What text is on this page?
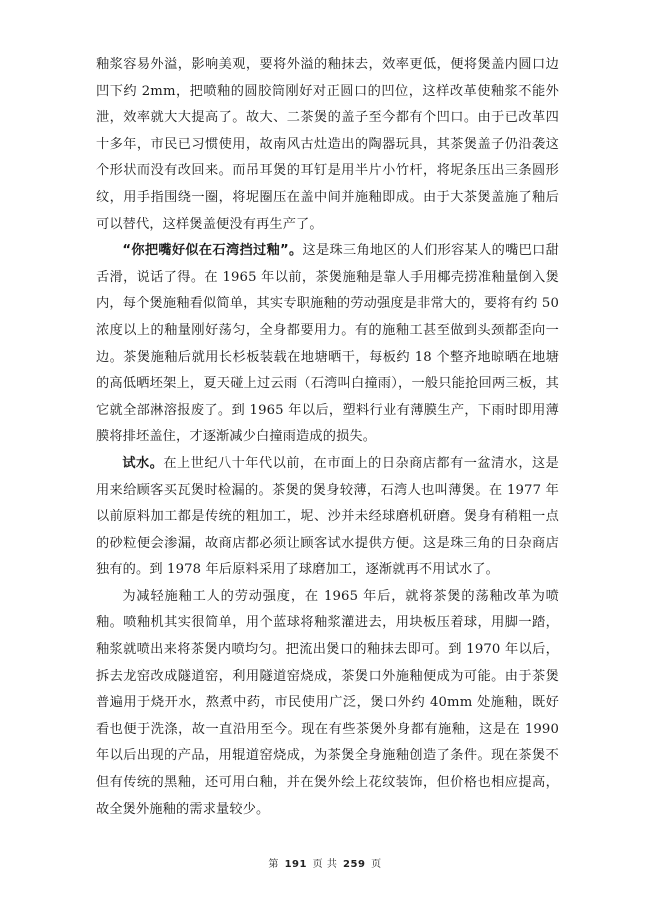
釉浆容易外溢，影响美观，要将外溢的釉抹去，效率更低，便将煲盖内圆口边凹下约 2mm，把喷釉的圆胶筒刚好对正圆口的凹位，这样改革使釉浆不能外泄，效率就大大提高了。故大、二茶煲的盖子至今都有个凹口。由于已改革四十多年，市民已习惯使用，故南风古灶造出的陶器玩具，其茶煲盖子仍沿袭这个形状而没有改回来。而吊耳煲的耳钉是用半片小竹杆，将坭条压出三条圆形纹，用手指围绕一圈，将坭圈压在盖中间并施釉即成。由于大茶煲盖施了釉后可以替代，这样煲盖便没有再生产了。

“你把嘴好似在石湾挡过釉”。这是珠三角地区的人们形容某人的嘴巴口甜舌滑，说话了得。在 1965 年以前，茶煲施釉是靠人手用椰壳捞准釉量倒入煲内，每个煲施釉看似简单，其实专职施釉的劳动强度是非常大的，要将有约 50 浓度以上的釉量刚好荡匀，全身都要用力。有的施釉工甚至做到头颈都歪向一边。茶煲施釉后就用长杉板装载在地塘晒干，每板约 18 个整齐地晾晒在地塘的高低晒坯架上，夏天碰上过云雨（石湾叫白撞雨），一般只能抢回两三板，其它就全部淋溶报废了。到 1965 年以后，塑料行业有薄膜生产，下雨时即用薄膜将排坯盖住，才逐渐减少白撞雨造成的损失。

试水。在上世纪八十年代以前，在市面上的日杂商店都有一盆清水，这是用来给顾客买瓦煲时检漏的。茶煲的煲身较薄，石湾人也叫薄煲。在 1977 年以前原料加工都是传统的粗加工，坭、沙并未经球磨机研磨。煲身有稍粗一点的砂粒便会渗漏，故商店都必须让顾客试水提供方便。这是珠三角的日杂商店独有的。到 1978 年后原料采用了球磨加工，逐渐就再不用试水了。

为减轻施釉工人的劳动强度，在 1965 年后，就将茶煲的荡釉改革为喷釉。喷釉机其实很简单，用个蓝球将釉浆灌进去，用块板压着球，用脚一踏，釉浆就喷出来将茶煲内喷均匀。把流出煲口的釉抹去即可。到 1970 年以后，拆去龙窑改成隧道窑，利用隧道窑烧成，茶煲口外施釉便成为可能。由于茶煲普遍用于烧开水，熬煮中药，市民使用广泛，煲口外约 40mm 处施釉，既好看也便于洗涤，故一直沿用至今。现在有些茶煲外身都有施釉，这是在 1990 年以后出现的产品，用辊道窑烧成，为茶煲全身施釉创造了条件。现在茶煲不但有传统的黑釉，还可用白釉，并在煲外绘上花纹装饰，但价格也相应提高，故全煲外施釉的需求量较少。

第 191 页 共 259 页
